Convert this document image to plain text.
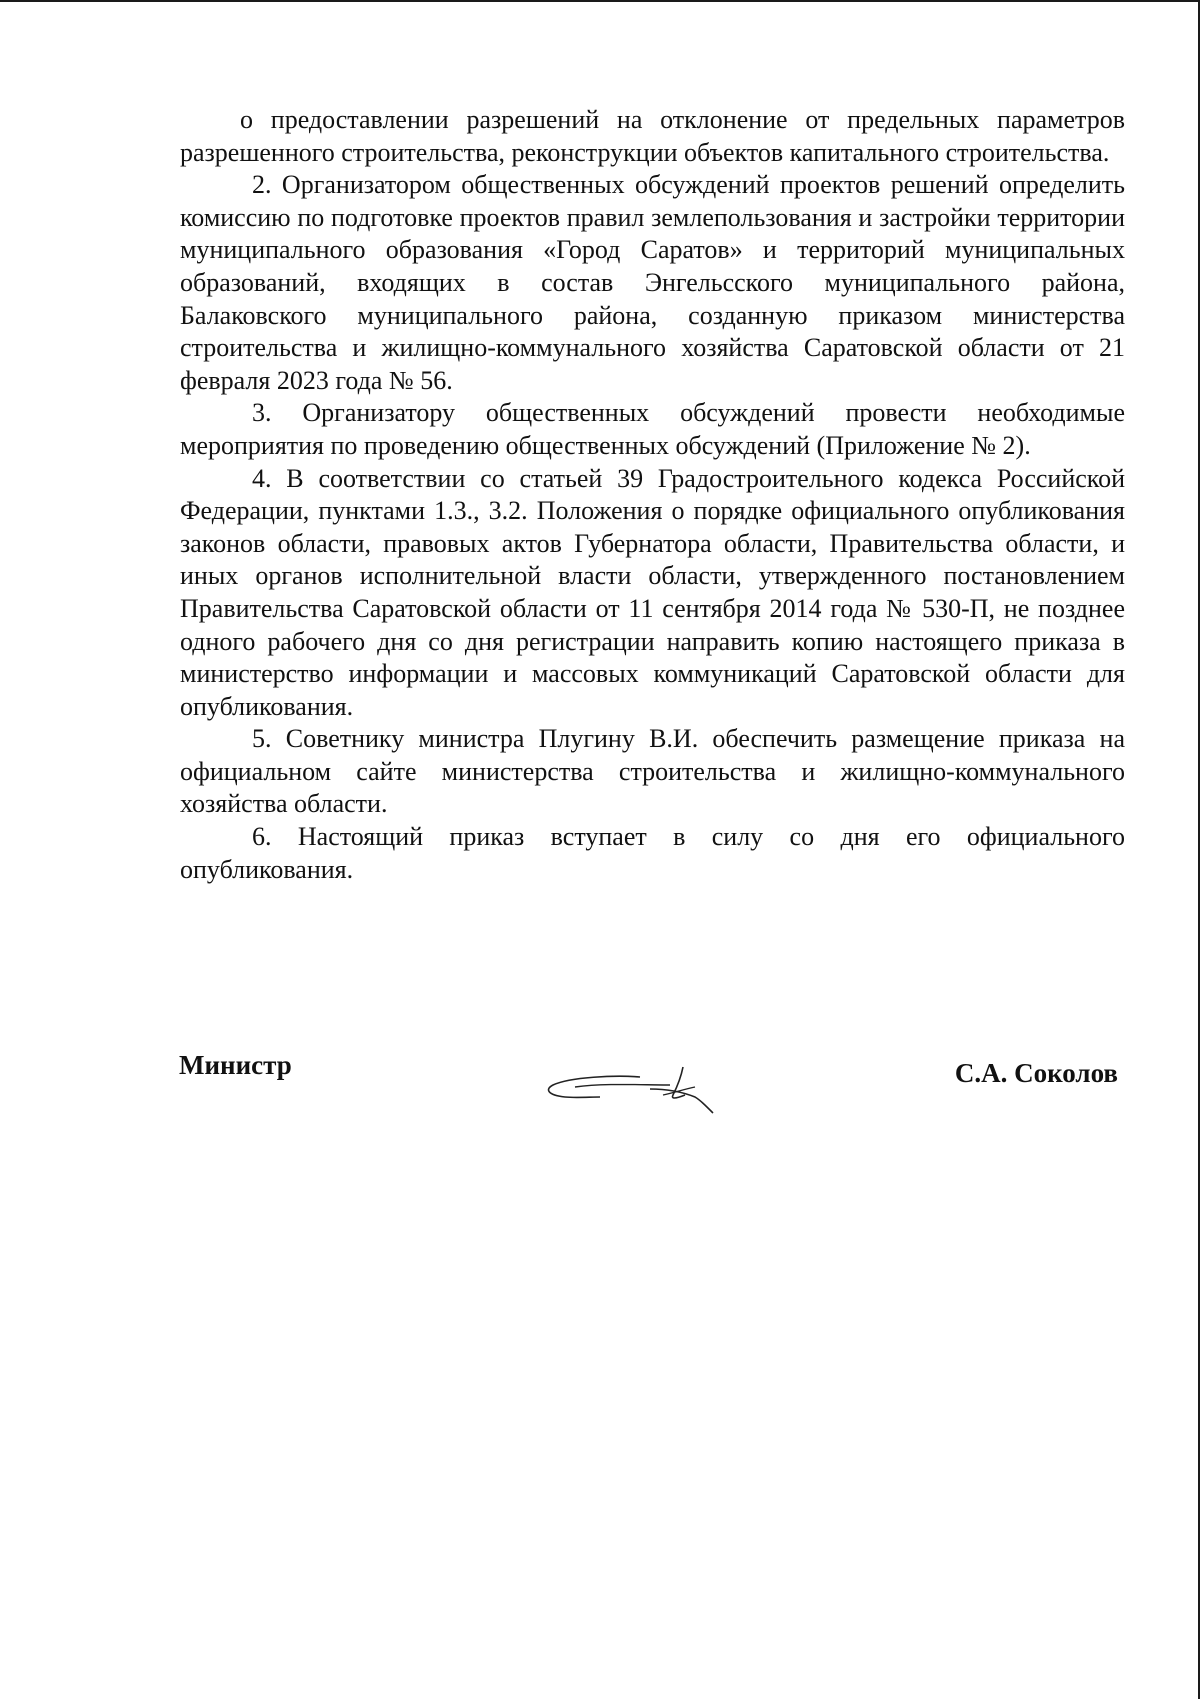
о предоставлении разрешений на отклонение от предельных параметров разрешенного строительства, реконструкции объектов капитального строительства.

2. Организатором общественных обсуждений проектов решений определить комиссию по подготовке проектов правил землепользования и застройки территории муниципального образования «Город Саратов» и территорий муниципальных образований, входящих в состав Энгельсского муниципального района, Балаковского муниципального района, созданную приказом министерства строительства и жилищно-коммунального хозяйства Саратовской области от 21 февраля 2023 года № 56.

3. Организатору общественных обсуждений провести необходимые мероприятия по проведению общественных обсуждений (Приложение № 2).

4. В соответствии со статьей 39 Градостроительного кодекса Российской Федерации, пунктами 1.3., 3.2. Положения о порядке официального опубликования законов области, правовых актов Губернатора области, Правительства области, и иных органов исполнительной власти области, утвержденного постановлением Правительства Саратовской области от 11 сентября 2014 года № 530-П, не позднее одного рабочего дня со дня регистрации направить копию настоящего приказа в министерство информации и массовых коммуникаций Саратовской области для опубликования.

5. Советнику министра Плугину В.И. обеспечить размещение приказа на официальном сайте министерства строительства и жилищно-коммунального хозяйства области.

6. Настоящий приказ вступает в силу со дня его официального опубликования.

Министр	С.А. Соколов
